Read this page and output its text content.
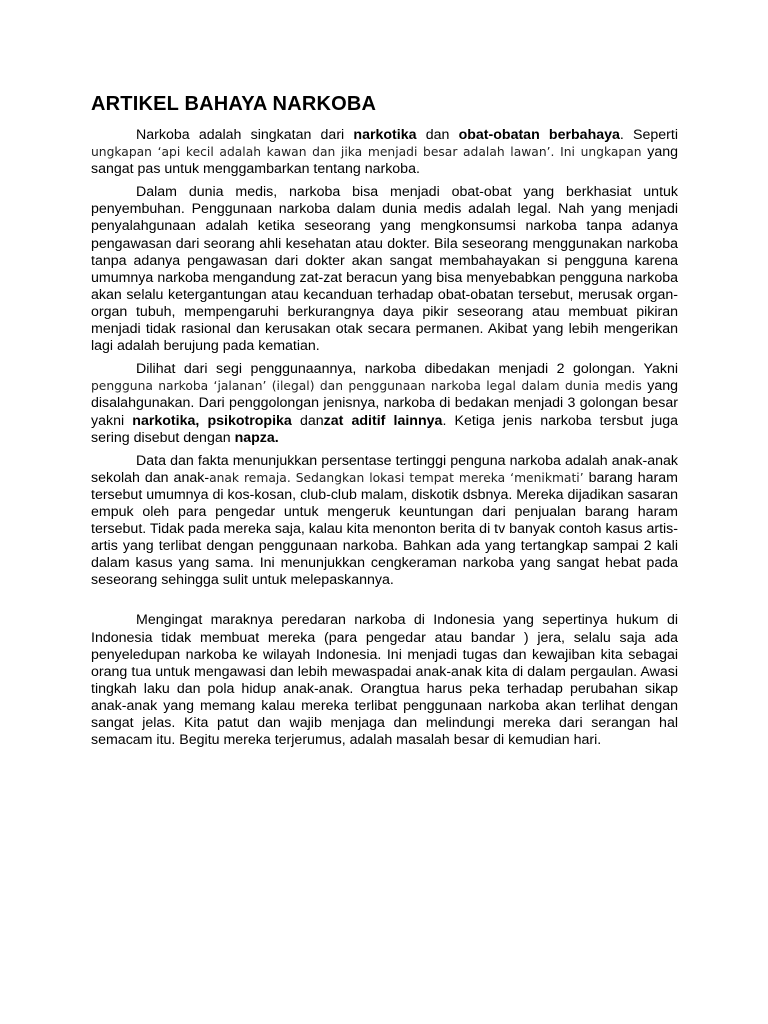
ARTIKEL BAHAYA NARKOBA

Narkoba adalah singkatan dari narkotika dan obat-obatan berbahaya. Seperti ungkapan ‘api kecil adalah kawan dan jika menjadi besar adalah lawan’. Ini ungkapan yang sangat pas untuk menggambarkan tentang narkoba.

Dalam dunia medis, narkoba bisa menjadi obat-obat yang berkhasiat untuk penyembuhan. Penggunaan narkoba dalam dunia medis adalah legal. Nah yang menjadi penyalahgunaan adalah ketika seseorang yang mengkonsumsi narkoba tanpa adanya pengawasan dari seorang ahli kesehatan atau dokter. Bila seseorang menggunakan narkoba tanpa adanya pengawasan dari dokter akan sangat membahayakan si pengguna karena umumnya narkoba mengandung zat-zat beracun yang bisa menyebabkan pengguna narkoba akan selalu ketergantungan atau kecanduan terhadap obat-obatan tersebut, merusak organ-organ tubuh, mempengaruhi berkurangnya daya pikir seseorang atau membuat pikiran menjadi tidak rasional dan kerusakan otak secara permanen. Akibat yang lebih mengerikan lagi adalah berujung pada kematian.

Dilihat dari segi penggunaannya, narkoba dibedakan menjadi 2 golongan. Yakni pengguna narkoba ‘jalanan’ (ilegal) dan penggunaan narkoba legal dalam dunia medis yang disalahgunakan. Dari penggolongan jenisnya, narkoba di bedakan menjadi 3 golongan besar yakni narkotika, psikotropika danzat aditif lainnya. Ketiga jenis narkoba tersbut juga sering disebut dengan napza.

Data dan fakta menunjukkan persentase tertinggi penguna narkoba adalah anak-anak sekolah dan anak-anak remaja. Sedangkan lokasi tempat mereka ‘menikmati’ barang haram tersebut umumnya di kos-kosan, club-club malam, diskotik dsbnya. Mereka dijadikan sasaran empuk oleh para pengedar untuk mengeruk keuntungan dari penjualan barang haram tersebut. Tidak pada mereka saja, kalau kita menonton berita di tv banyak contoh kasus artis-artis yang terlibat dengan penggunaan narkoba. Bahkan ada yang tertangkap sampai 2 kali dalam kasus yang sama. Ini menunjukkan cengkeraman narkoba yang sangat hebat pada seseorang sehingga sulit untuk melepaskannya.

Mengingat maraknya peredaran narkoba di Indonesia yang sepertinya hukum di Indonesia tidak membuat mereka (para pengedar atau bandar ) jera, selalu saja ada penyeledupan narkoba ke wilayah Indonesia. Ini menjadi tugas dan kewajiban kita sebagai orang tua untuk mengawasi dan lebih mewaspadai anak-anak kita di dalam pergaulan. Awasi tingkah laku dan pola hidup anak-anak. Orangtua harus peka terhadap perubahan sikap anak-anak yang memang kalau mereka terlibat penggunaan narkoba akan terlihat dengan sangat jelas. Kita patut dan wajib menjaga dan melindungi mereka dari serangan hal semacam itu. Begitu mereka terjerumus, adalah masalah besar di kemudian hari.
